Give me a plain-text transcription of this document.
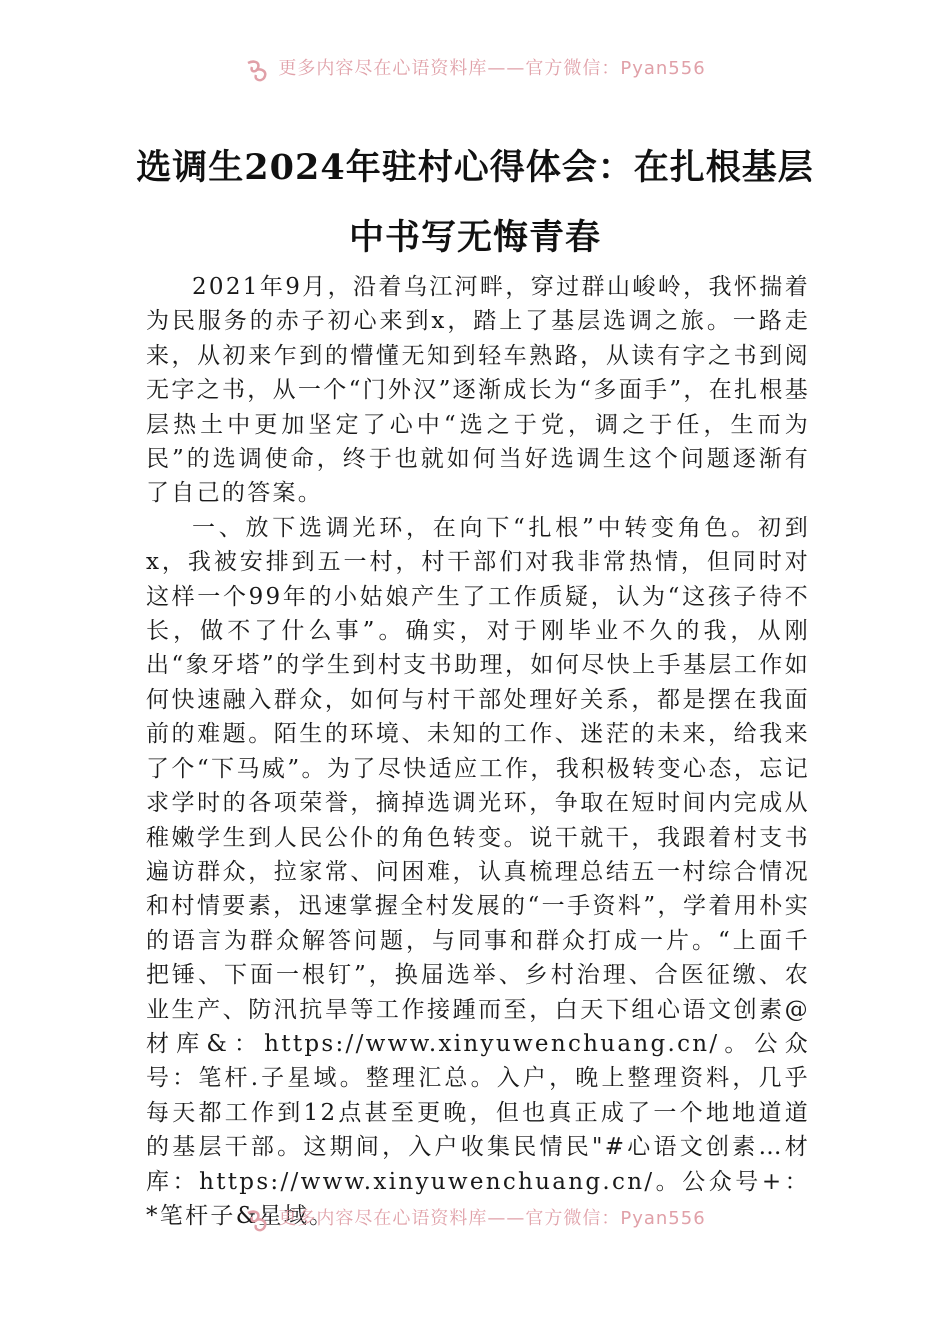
更多内容尽在心语资料库——官方微信：Pyan556
选调生2024年驻村心得体会：在扎根基层
中书写无悔青春

2021年9月，沿着乌江河畔，穿过群山峻岭，我怀揣着为民服务的赤子初心来到x，踏上了基层选调之旅。一路走来，从初来乍到的懵懂无知到轻车熟路，从读有字之书到阅无字之书，从一个“门外汉”逐渐成长为“多面手”，在扎根基层热土中更加坚定了心中“选之于党，调之于任，生而为民”的选调使命，终于也就如何当好选调生这个问题逐渐有了自己的答案。

一、放下选调光环，在向下“扎根”中转变角色。初到x，我被安排到五一村，村干部们对我非常热情，但同时对这样一个99年的小姑娘产生了工作质疑，认为“这孩子待不长，做不了什么事”。确实，对于刚毕业不久的我，从刚出“象牙塔”的学生到村支书助理，如何尽快上手基层工作如何快速融入群众，如何与村干部处理好关系，都是摆在我面前的难题。陌生的环境、未知的工作、迷茫的未来，给我来了个“下马威”。为了尽快适应工作，我积极转变心态，忘记求学时的各项荣誉，摘掉选调光环，争取在短时间内完成从稚嫩学生到人民公仆的角色转变。说干就干，我跟着村支书遍访群众，拉家常、问困难，认真梳理总结五一村综合情况和村情要素，迅速掌握全村发展的“一手资料”，学着用朴实的语言为群众解答问题，与同事和群众打成一片。“上面千把锤、下面一根钉”，换届选举、乡村治理、合医征缴、农业生产、防汛抗旱等工作接踵而至，白天下组心语文创素@材库&：https://www.xinyuwenchuang.cn/。公众号：笔杆.子星域。整理汇总。入户，晚上整理资料，几乎每天都工作到12点甚至更晚，但也真正成了一个地地道道的基层干部。这期间，入户收集民情民"#心语文创素…材库：https://www.xinyuwenchuang.cn/。公众号+：*笔杆子&星域。

更多内容尽在心语资料库——官方微信：Pyan556
